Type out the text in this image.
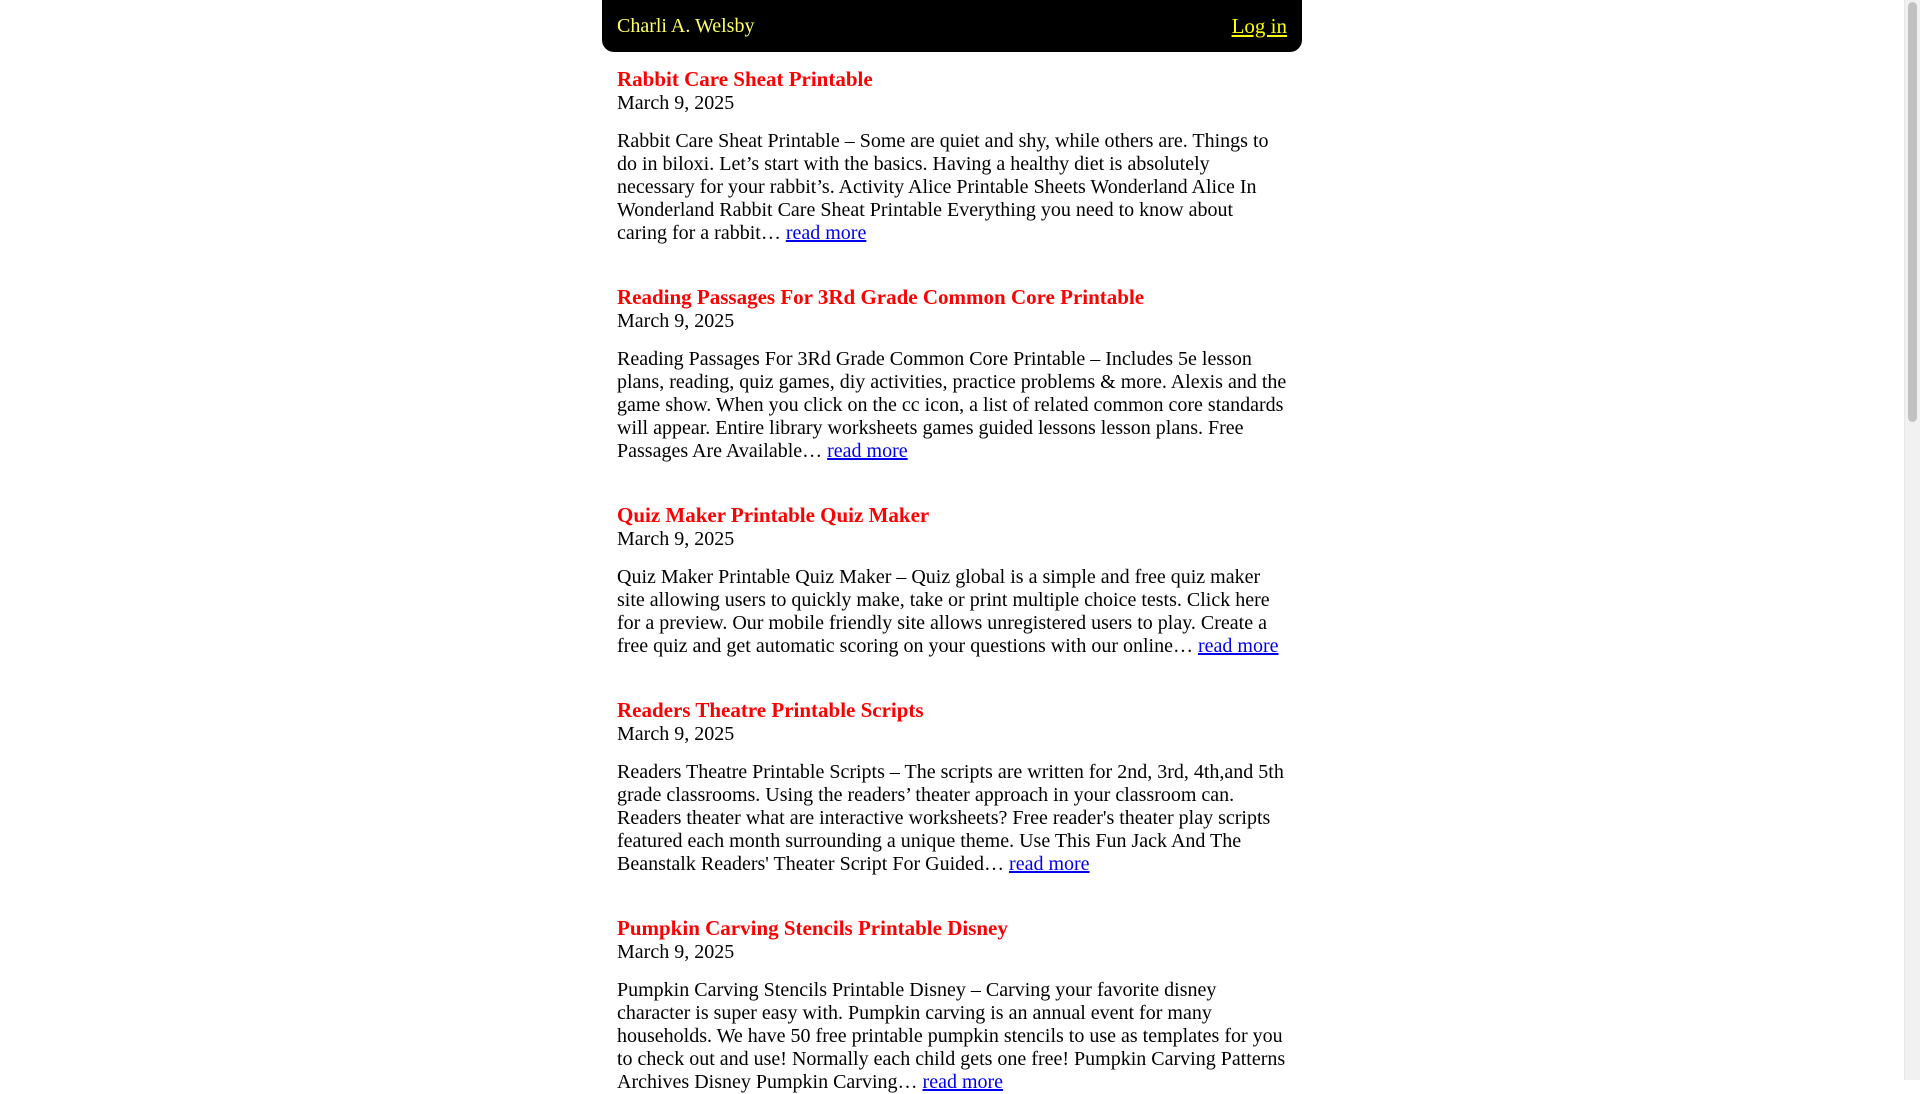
Charli A. Welsby	Log in
Rabbit Care Sheat Printable
March 9, 2025

Rabbit Care Sheat Printable – Some are quiet and shy, while others are. Things to do in biloxi. Let’s start with the basics. Having a healthy diet is absolutely necessary for your rabbit’s. Activity Alice Printable Sheets Wonderland Alice In Wonderland Rabbit Care Sheat Printable Everything you need to know about caring for a rabbit… read more

Reading Passages For 3Rd Grade Common Core Printable
March 9, 2025

Reading Passages For 3Rd Grade Common Core Printable – Includes 5e lesson plans, reading, quiz games, diy activities, practice problems & more. Alexis and the game show. When you click on the cc icon, a list of related common core standards will appear. Entire library worksheets games guided lessons lesson plans. Free Passages Are Available… read more

Quiz Maker Printable Quiz Maker
March 9, 2025

Quiz Maker Printable Quiz Maker – Quiz global is a simple and free quiz maker site allowing users to quickly make, take or print multiple choice tests. Click here for a preview. Our mobile friendly site allows unregistered users to play. Create a free quiz and get automatic scoring on your questions with our online… read more

Readers Theatre Printable Scripts
March 9, 2025

Readers Theatre Printable Scripts – The scripts are written for 2nd, 3rd, 4th,and 5th grade classrooms. Using the readers’ theater approach in your classroom can. Readers theater what are interactive worksheets? Free reader's theater play scripts featured each month surrounding a unique theme. Use This Fun Jack And The Beanstalk Readers' Theater Script For Guided… read more

Pumpkin Carving Stencils Printable Disney
March 9, 2025

Pumpkin Carving Stencils Printable Disney – Carving your favorite disney character is super easy with. Pumpkin carving is an annual event for many households. We have 50 free printable pumpkin stencils to use as templates for you to check out and use! Normally each child gets one free! Pumpkin Carving Patterns Archives Disney Pumpkin Carving… read more
